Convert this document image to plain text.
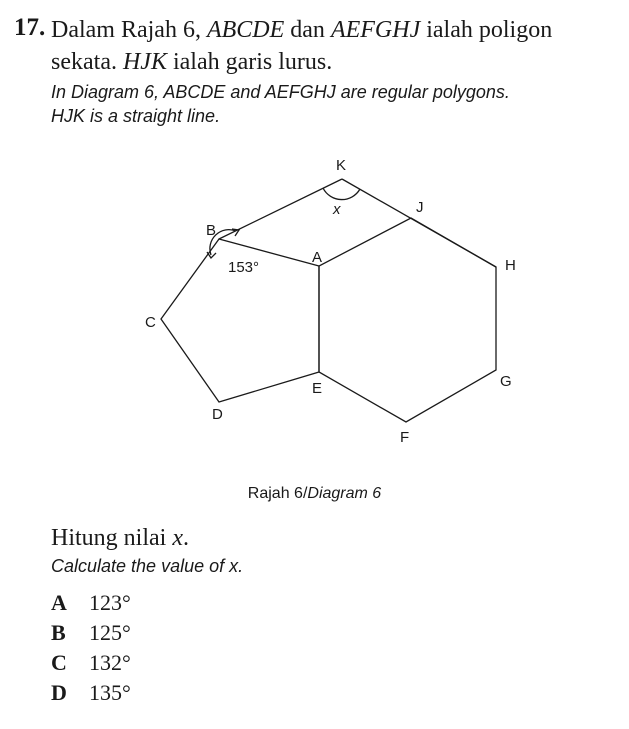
17. Dalam Rajah 6, ABCDE dan AEFGHJ ialah poligon sekata. HJK ialah garis lurus.
In Diagram 6, ABCDE and AEFGHJ are regular polygons.
HJK is a straight line.
K
x	J
B
A	H
153°
C
G
E
D
F
Rajah 6/Diagram 6
Hitung nilai x.
Calculate the value of x.
A 123°
B 125°
C 132°
D 135°
